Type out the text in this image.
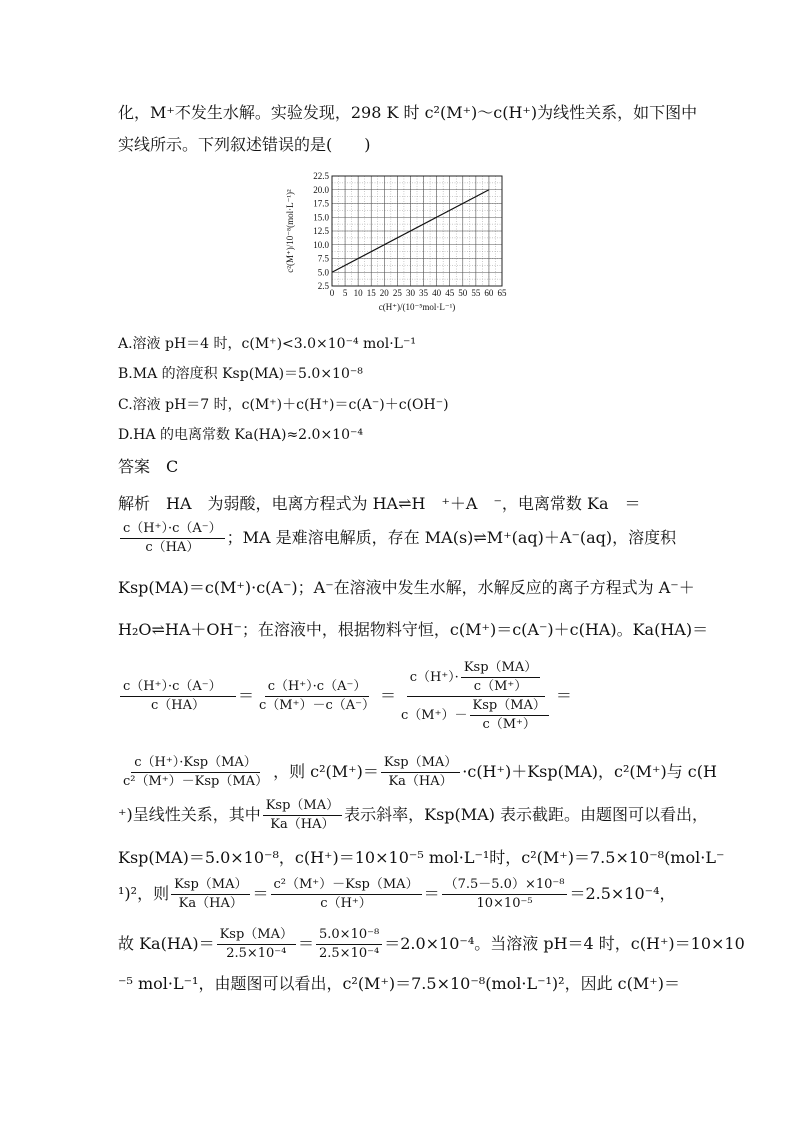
化，M⁺不发生水解。实验发现，298 K 时 c²(M⁺)～c(H⁺)为线性关系，如下图中
实线所示。下列叙述错误的是(　　)
0 5 10 15 20 25 30 35 40 45 50 55 60 65
2.5
5.0
7.5
10.0
12.5
15.0
17.5
20.0
22.5
c(H⁺)/(10⁻⁵mol·L⁻¹)
c²(M⁺)/10⁻⁸(mol·L⁻¹)²
A.溶液 pH＝4 时，c(M⁺)<3.0×10⁻⁴ mol·L⁻¹
B.MA 的溶度积 Ksp(MA)＝5.0×10⁻⁸
C.溶液 pH＝7 时，c(M⁺)＋c(H⁺)＝c(A⁻)＋c(OH⁻)
D.HA 的电离常数 Ka(HA)≈2.0×10⁻⁴
答案　 C
解析　HA　为弱酸，电离方程式为 HA⇌H　⁺＋A　⁻，电离常数 Ka　＝
$\frac{c(H^+)\cdot c(A^-)}{c(HA)}$ ；MA 是难溶电解质，存在 MA(s)⇌M⁺(aq)＋A⁻(aq)，溶度积
Ksp(MA)＝c(M⁺)·c(A⁻)；A⁻在溶液中发生水解，水解反应的离子方程式为 A⁻＋
H₂O⇌HA＋OH⁻；在溶液中，根据物料守恒，c(M⁺)＝c(A⁻)＋c(HA)。Ka(HA)＝
$\frac{c(H^+)\cdot c(A^-)}{c(HA)} = \frac{c(H^+)\cdot c(A^-)}{c(M^+)-c(A^-)} = \frac{c(H^+)\cdot \frac{\text{Ksp（MA）}}{c(M^+)}}{c(M^+)- \frac{\text{Ksp（MA）}}{c(M^+)}}$ ＝
$\frac{\text{c（H⁺）·Ksp（MA）}}{\text{c²（M⁺）－Ksp（MA）}}$ ，则 $c^2(M^+)= \frac{\text{Ksp（MA）}}{Ka(HA)} \cdot c(H^+)+Ksp(MA)$，c²(M⁺)与 c(H
⁺)呈线性关系，其中 $\frac{\text{Ksp（MA）}}{Ka(HA)}$ 表示斜率，Ksp(MA) 表示截距。由题图可以看出，
Ksp(MA)＝5.0×10⁻⁸，c(H⁺)＝10×10⁻⁵ mol·L⁻¹时，c²(M⁺)＝7.5×10⁻⁸(mol·L⁻
¹)²，则 $\frac{\text{Ksp（MA）}}{Ka(HA)} = \frac{\text{c²（M⁺）－Ksp（MA）}}{c(H^+)} = \frac{\text{（7.5－5.0）×10⁻⁸}}{\text{10×10⁻⁵}} =2.5\times 10^{-4}$，
故 $Ka(HA)= \frac{\text{Ksp（MA）}}{\text{2.5×10⁻⁴}} = \frac{\text{5.0×10⁻⁸}}{\text{2.5×10⁻⁴}} =2.0\times 10^{-4}$。当溶液 pH＝4 时，c(H⁺)＝10×10
⁻⁵ mol·L⁻¹，由题图可以看出，c²(M⁺)＝7.5×10⁻⁸(mol·L⁻¹)²，因此 c(M⁺)＝
